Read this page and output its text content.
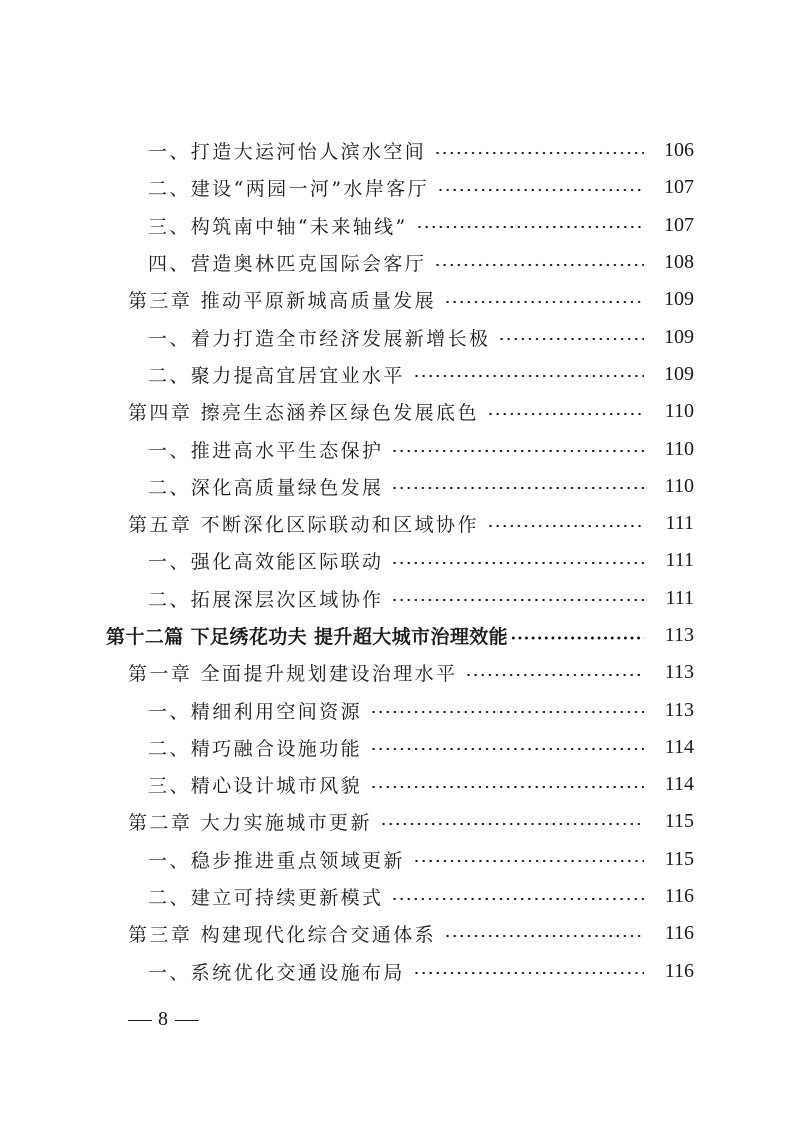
一、打造大运河怡人滨水空间	106
二、建设“两园一河”水岸客厅	107
三、构筑南中轴“未来轴线”	107
四、营造奥林匹克国际会客厅	108
第三章 推动平原新城高质量发展	109
一、着力打造全市经济发展新增长极	109
二、聚力提高宜居宜业水平	109
第四章 擦亮生态涵养区绿色发展底色	110
一、推进高水平生态保护	110
二、深化高质量绿色发展	110
第五章 不断深化区际联动和区域协作	111
一、强化高效能区际联动	111
二、拓展深层次区域协作	111
第十二篇 下足绣花功夫 提升超大城市治理效能	113
第一章 全面提升规划建设治理水平	113
一、精细利用空间资源	113
二、精巧融合设施功能	114
三、精心设计城市风貌	114
第二章 大力实施城市更新	115
一、稳步推进重点领域更新	115
二、建立可持续更新模式	116
第三章 构建现代化综合交通体系	116
一、系统优化交通设施布局	116
8
